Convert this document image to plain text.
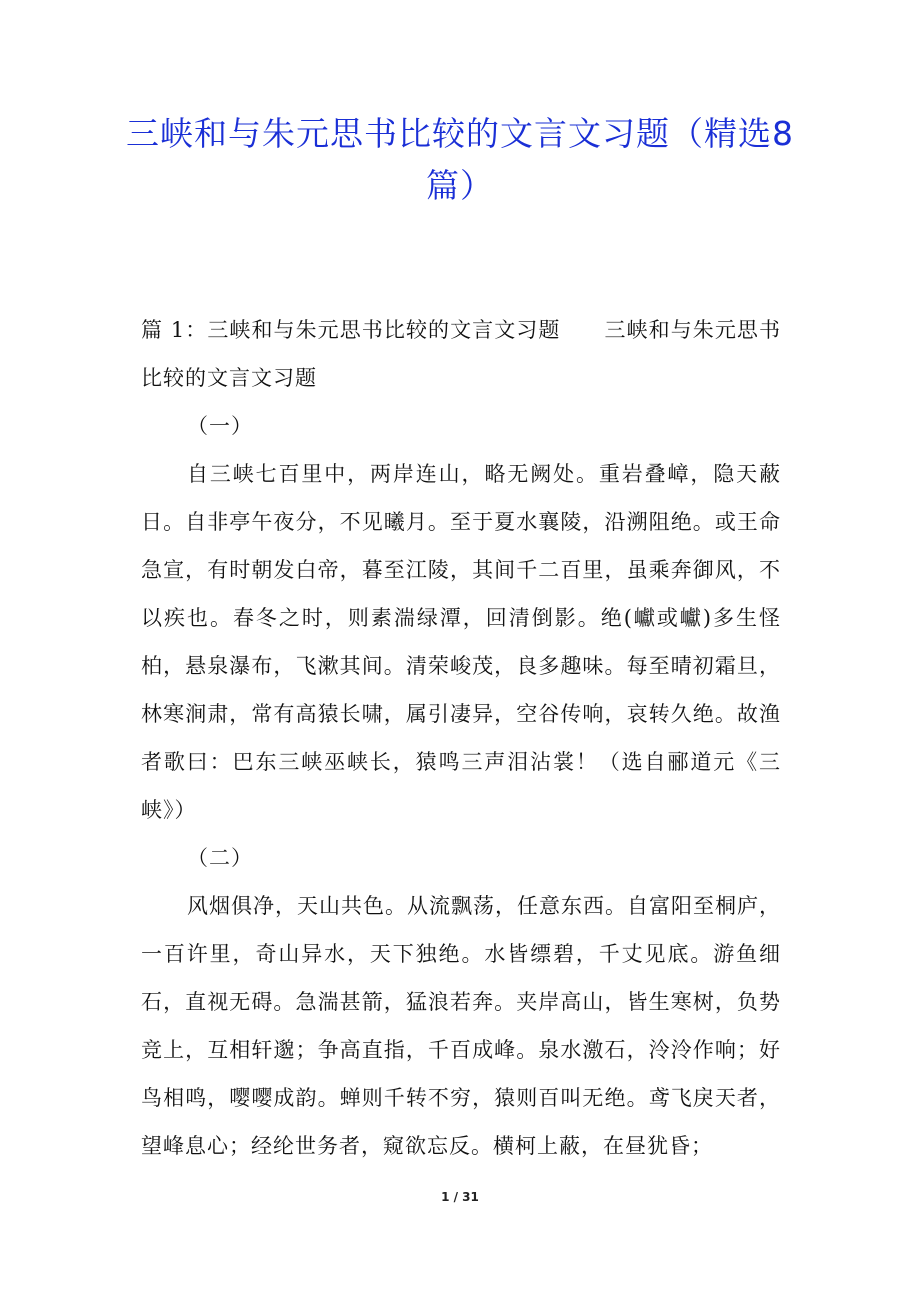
三峡和与朱元思书比较的文言文习题（精选8篇）

篇 1：三峡和与朱元思书比较的文言文习题 三峡和与朱元思书比较的文言文习题

（一）

自三峡七百里中，两岸连山，略无阙处。重岩叠嶂，隐天蔽日。自非亭午夜分，不见曦月。至于夏水襄陵，沿溯阻绝。或王命急宣，有时朝发白帝，暮至江陵，其间千二百里，虽乘奔御风，不以疾也。春冬之时，则素湍绿潭，回清倒影。绝(巘或巘)多生怪柏，悬泉瀑布，飞漱其间。清荣峻茂，良多趣味。每至晴初霜旦，林寒涧肃，常有高猿长啸，属引凄异，空谷传响，哀转久绝。故渔者歌曰：巴东三峡巫峡长，猿鸣三声泪沾裳！（选自郦道元《三峡》）

（二）

风烟俱净，天山共色。从流飘荡，任意东西。自富阳至桐庐，一百许里，奇山异水，天下独绝。水皆缥碧，千丈见底。游鱼细石，直视无碍。急湍甚箭，猛浪若奔。夹岸高山，皆生寒树，负势竞上，互相轩邈；争高直指，千百成峰。泉水激石，泠泠作响；好鸟相鸣，嘤嘤成韵。蝉则千转不穷，猿则百叫无绝。鸢飞戾天者，望峰息心；经纶世务者，窥欲忘反。横柯上蔽，在昼犹昏；

1 / 31
